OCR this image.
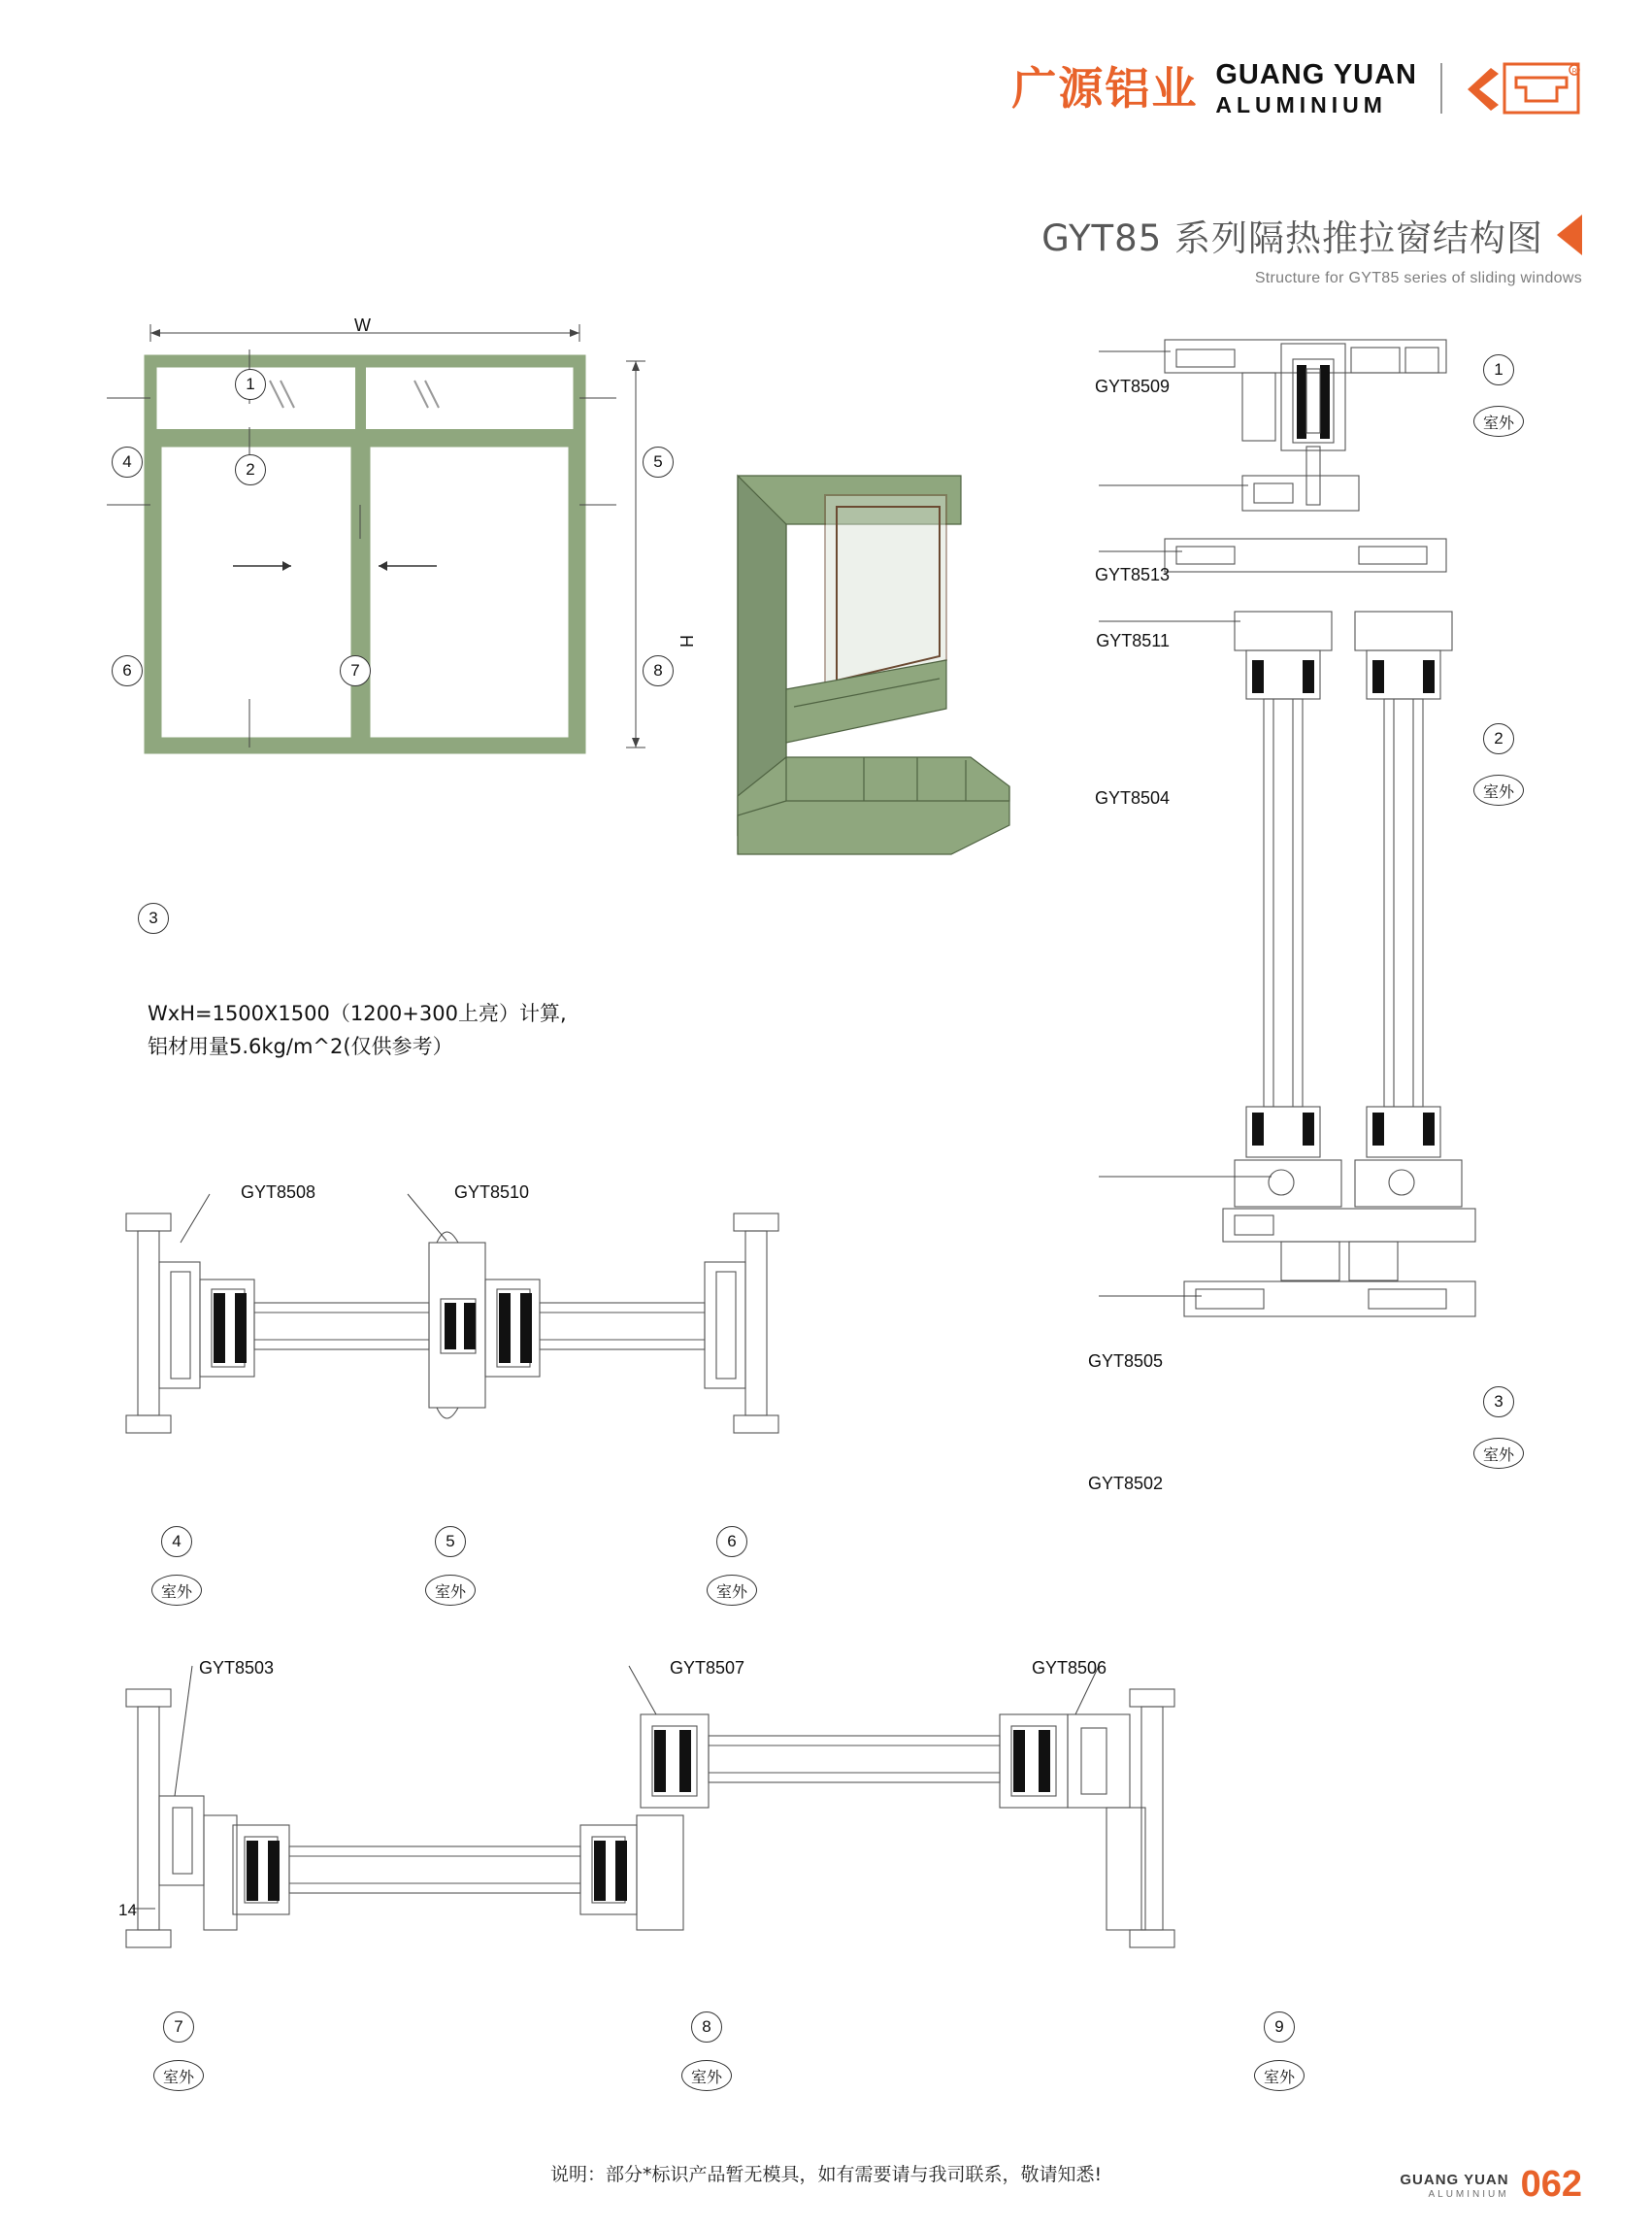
广源铝业 GUANG YUAN
ALUMINIUM
R
GYT85 系列隔热推拉窗结构图
Structure for GYT85 series of sliding windows
W
H
1
2
3
4	5
6	7	8
WxH=1500X1500（1200+300上亮）计算,
铝材用量5.6kg/m^2(仅供参考）
GYT8509
GYT8513
GYT8511
GYT8504
GYT8505
GYT8502
1
室外
2
室外
3
室外
GYT8508	GYT8510
4
室外
5
室外
6
室外
GYT8503	GYT8507	GYT8506
14
7
室外
8
室外
9
室外
说明：部分*标识产品暂无模具，如有需要请与我司联系，敬请知悉!	GUANG YUAN
ALUMINIUM 062
